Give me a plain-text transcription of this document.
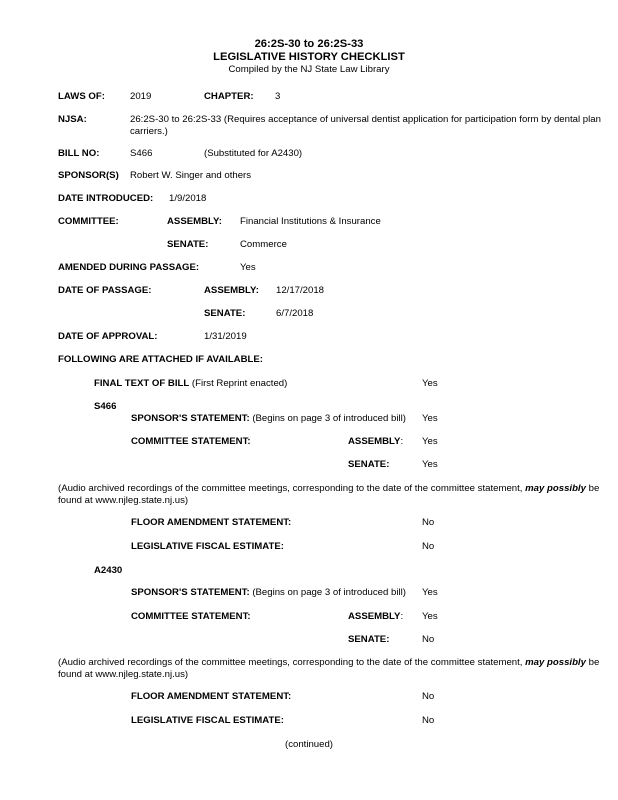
26:2S-30 to 26:2S-33
LEGISLATIVE HISTORY CHECKLIST
Compiled by the NJ State Law Library
LAWS OF:	2019	CHAPTER: 3
NJSA:	26:2S-30 to 26:2S-33 (Requires acceptance of universal dentist application for participation form by dental plan carriers.)
BILL NO:	S466	(Substituted for A2430)
SPONSOR(S) Robert W. Singer and others
DATE INTRODUCED: 1/9/2018
COMMITTEE:	ASSEMBLY: Financial Institutions & Insurance
SENATE:	Commerce
AMENDED DURING PASSAGE:	Yes
DATE OF PASSAGE:	ASSEMBLY: 12/17/2018
SENATE:	6/7/2018
DATE OF APPROVAL:	1/31/2019
FOLLOWING ARE ATTACHED IF AVAILABLE:
FINAL TEXT OF BILL (First Reprint enacted)	Yes
S466
SPONSOR'S STATEMENT: (Begins on page 3 of introduced bill) Yes
COMMITTEE STATEMENT:	ASSEMBLY: Yes
SENATE:	Yes
(Audio archived recordings of the committee meetings, corresponding to the date of the committee statement, may possibly be found at www.njleg.state.nj.us)
FLOOR AMENDMENT STATEMENT:	No
LEGISLATIVE FISCAL ESTIMATE:	No
A2430
SPONSOR'S STATEMENT: (Begins on page 3 of introduced bill) Yes
COMMITTEE STATEMENT:	ASSEMBLY: Yes
SENATE:	No
(Audio archived recordings of the committee meetings, corresponding to the date of the committee statement, may possibly be found at www.njleg.state.nj.us)
FLOOR AMENDMENT STATEMENT:	No
LEGISLATIVE FISCAL ESTIMATE:	No
(continued)
